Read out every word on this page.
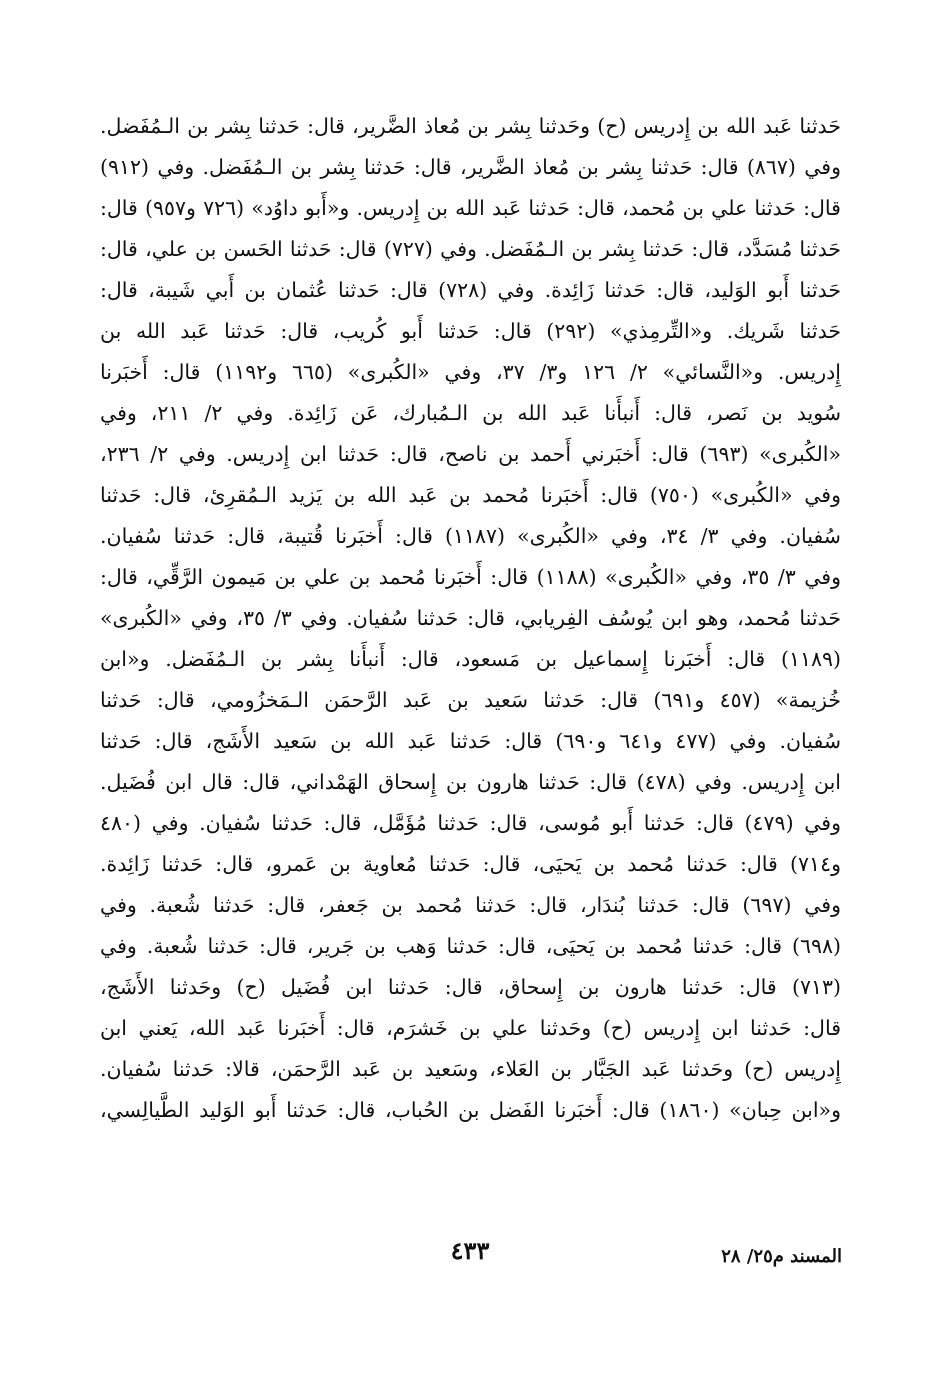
حَدثنا عَبد الله بن إِدريس (ح) وحَدثنا بِشر بن مُعاذ الضَّرير، قال: حَدثنا بِشر بن الـمُفَضل.
وفي (٨٦٧) قال: حَدثنا بِشر بن مُعاذ الضَّرير، قال: حَدثنا بِشر بن الـمُفَضل. وفي (٩١٢)
قال: حَدثنا علي بن مُحمد، قال: حَدثنا عَبد الله بن إِدريس. و«أَبو داوُد» (٧٢٦ و٩٥٧) قال:
حَدثنا مُسَدَّد، قال: حَدثنا بِشر بن الـمُفَضل. وفي (٧٢٧) قال: حَدثنا الحَسن بن علي، قال:
حَدثنا أَبو الوَليد، قال: حَدثنا زَائِدة. وفي (٧٢٨) قال: حَدثنا عُثمان بن أَبي شَيبة، قال:
حَدثنا شَريك. و«التِّرمِذي» (٢٩٢) قال: حَدثنا أَبو كُريب، قال: حَدثنا عَبد الله بن
إِدريس. و«النَّسائي» ٢/ ١٢٦ و٣/ ٣٧، وفي «الكُبرى» (٦٦٥ و١١٩٢) قال: أَخبَرنا
سُويد بن نَصر، قال: أَنبأَنا عَبد الله بن الـمُبارك، عَن زَائِدة. وفي ٢/ ٢١١، وفي
«الكُبرى» (٦٩٣) قال: أَخبَرني أَحمد بن ناصح، قال: حَدثنا ابن إِدريس. وفي ٢/ ٢٣٦،
وفي «الكُبرى» (٧٥٠) قال: أَخبَرنا مُحمد بن عَبد الله بن يَزيد الـمُقرِئ، قال: حَدثنا
سُفيان. وفي ٣/ ٣٤، وفي «الكُبرى» (١١٨٧) قال: أَخبَرنا قُتيبة، قال: حَدثنا سُفيان.
وفي ٣/ ٣٥، وفي «الكُبرى» (١١٨٨) قال: أَخبَرنا مُحمد بن علي بن مَيمون الرَّقِّي، قال:
حَدثنا مُحمد، وهو ابن يُوسُف الفِريابي، قال: حَدثنا سُفيان. وفي ٣/ ٣٥، وفي «الكُبرى»
(١١٨٩) قال: أَخبَرنا إِسماعيل بن مَسعود، قال: أَنبأَنا بِشر بن الـمُفَضل. و«ابن
خُزيمة» (٤٥٧ و٦٩١) قال: حَدثنا سَعيد بن عَبد الرَّحمَن الـمَخزُومي، قال: حَدثنا
سُفيان. وفي (٤٧٧ و٦٤١ و٦٩٠) قال: حَدثنا عَبد الله بن سَعيد الأَشَج، قال: حَدثنا
ابن إِدريس. وفي (٤٧٨) قال: حَدثنا هارون بن إِسحاق الهَمْداني، قال: قال ابن فُضَيل.
وفي (٤٧٩) قال: حَدثنا أَبو مُوسى، قال: حَدثنا مُؤَمَّل، قال: حَدثنا سُفيان. وفي (٤٨٠
و٧١٤) قال: حَدثنا مُحمد بن يَحيَى، قال: حَدثنا مُعاوية بن عَمرو، قال: حَدثنا زَائِدة.
وفي (٦٩٧) قال: حَدثنا بُندَار، قال: حَدثنا مُحمد بن جَعفر، قال: حَدثنا شُعبة. وفي
(٦٩٨) قال: حَدثنا مُحمد بن يَحيَى، قال: حَدثنا وَهب بن جَرير، قال: حَدثنا شُعبة. وفي
(٧١٣) قال: حَدثنا هارون بن إِسحاق، قال: حَدثنا ابن فُضَيل (ح) وحَدثنا الأَشَج،
قال: حَدثنا ابن إِدريس (ح) وحَدثنا علي بن خَشرَم، قال: أَخبَرنا عَبد الله، يَعني ابن
إِدريس (ح) وحَدثنا عَبد الجَبَّار بن العَلاء، وسَعيد بن عَبد الرَّحمَن، قالا: حَدثنا سُفيان.
و«ابن حِبان» (١٨٦٠) قال: أَخبَرنا الفَضل بن الحُباب، قال: حَدثنا أَبو الوَليد الطَّيالِسي،
٤٣٣	المسند م٢٥/ ٢٨
